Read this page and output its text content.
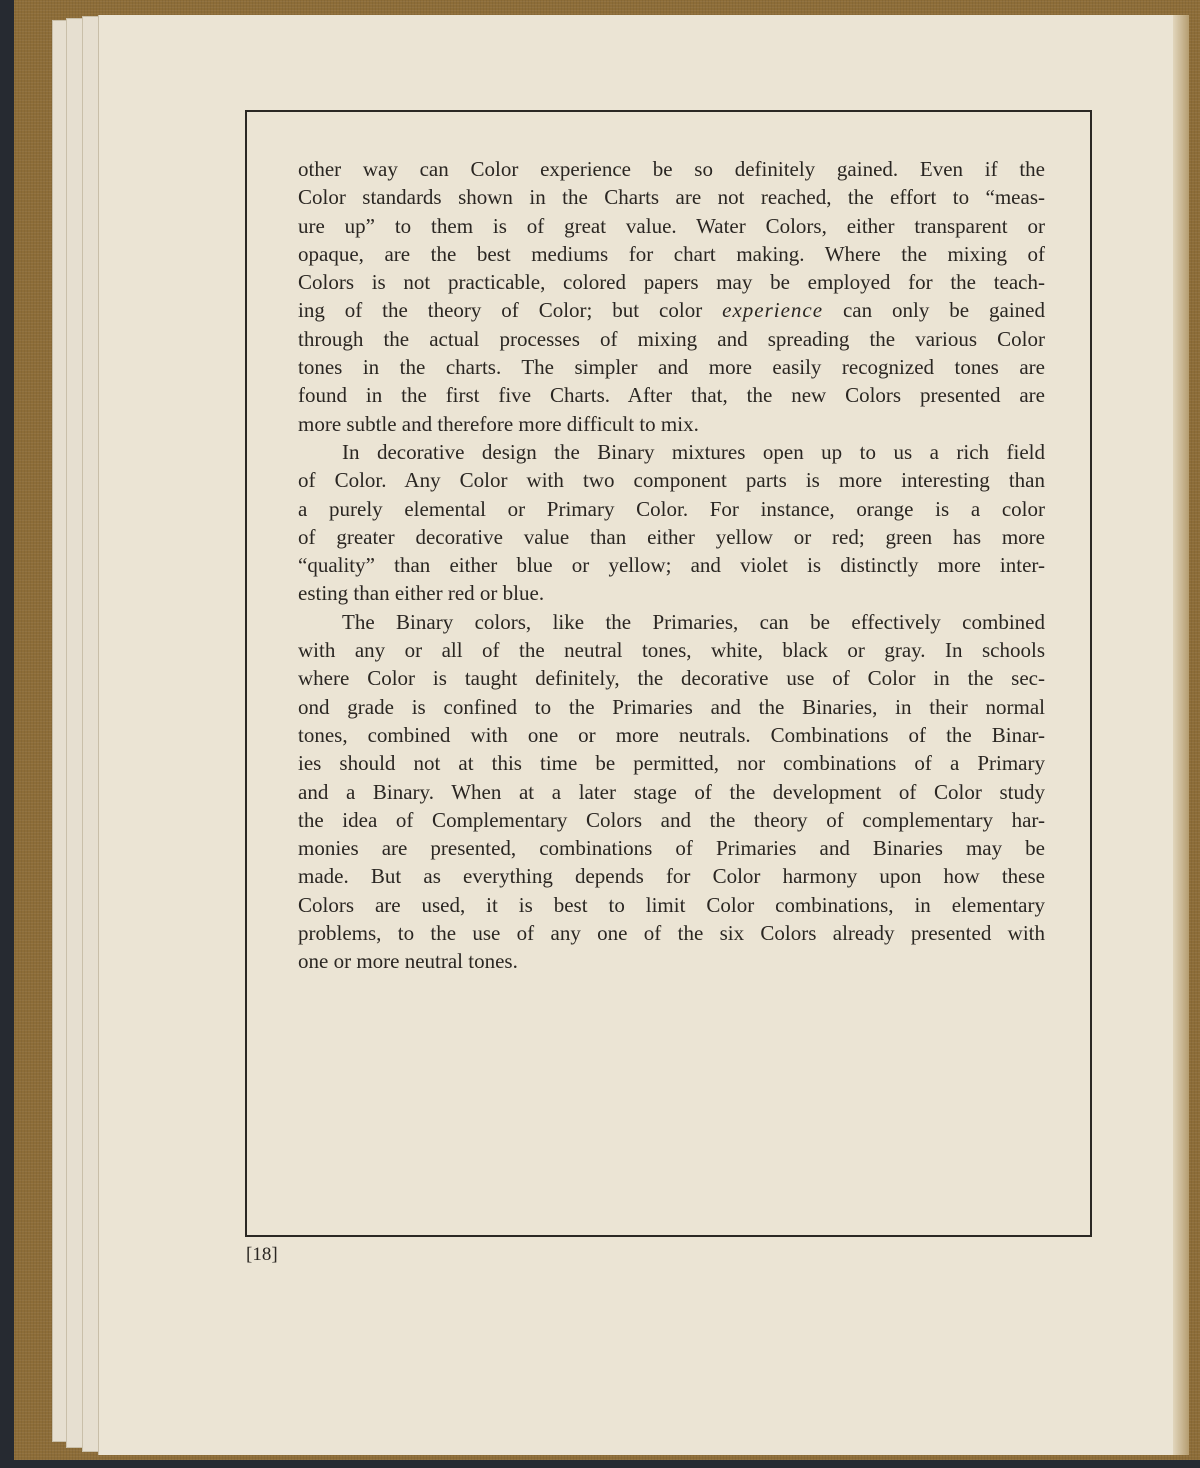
other way can Color experience be so definitely gained. Even if the
Color standards shown in the Charts are not reached, the effort to “meas-
ure up” to them is of great value. Water Colors, either transparent or
opaque, are the best mediums for chart making. Where the mixing of
Colors is not practicable, colored papers may be employed for the teach-
ing of the theory of Color; but color experience can only be gained
through the actual processes of mixing and spreading the various Color
tones in the charts. The simpler and more easily recognized tones are
found in the first five Charts. After that, the new Colors presented are
more subtle and therefore more difficult to mix.
In decorative design the Binary mixtures open up to us a rich field
of Color. Any Color with two component parts is more interesting than
a purely elemental or Primary Color. For instance, orange is a color
of greater decorative value than either yellow or red; green has more
“quality” than either blue or yellow; and violet is distinctly more inter-
esting than either red or blue.
The Binary colors, like the Primaries, can be effectively combined
with any or all of the neutral tones, white, black or gray. In schools
where Color is taught definitely, the decorative use of Color in the sec-
ond grade is confined to the Primaries and the Binaries, in their normal
tones, combined with one or more neutrals. Combinations of the Binar-
ies should not at this time be permitted, nor combinations of a Primary
and a Binary. When at a later stage of the development of Color study
the idea of Complementary Colors and the theory of complementary har-
monies are presented, combinations of Primaries and Binaries may be
made. But as everything depends for Color harmony upon how these
Colors are used, it is best to limit Color combinations, in elementary
problems, to the use of any one of the six Colors already presented with
one or more neutral tones.
[18]
